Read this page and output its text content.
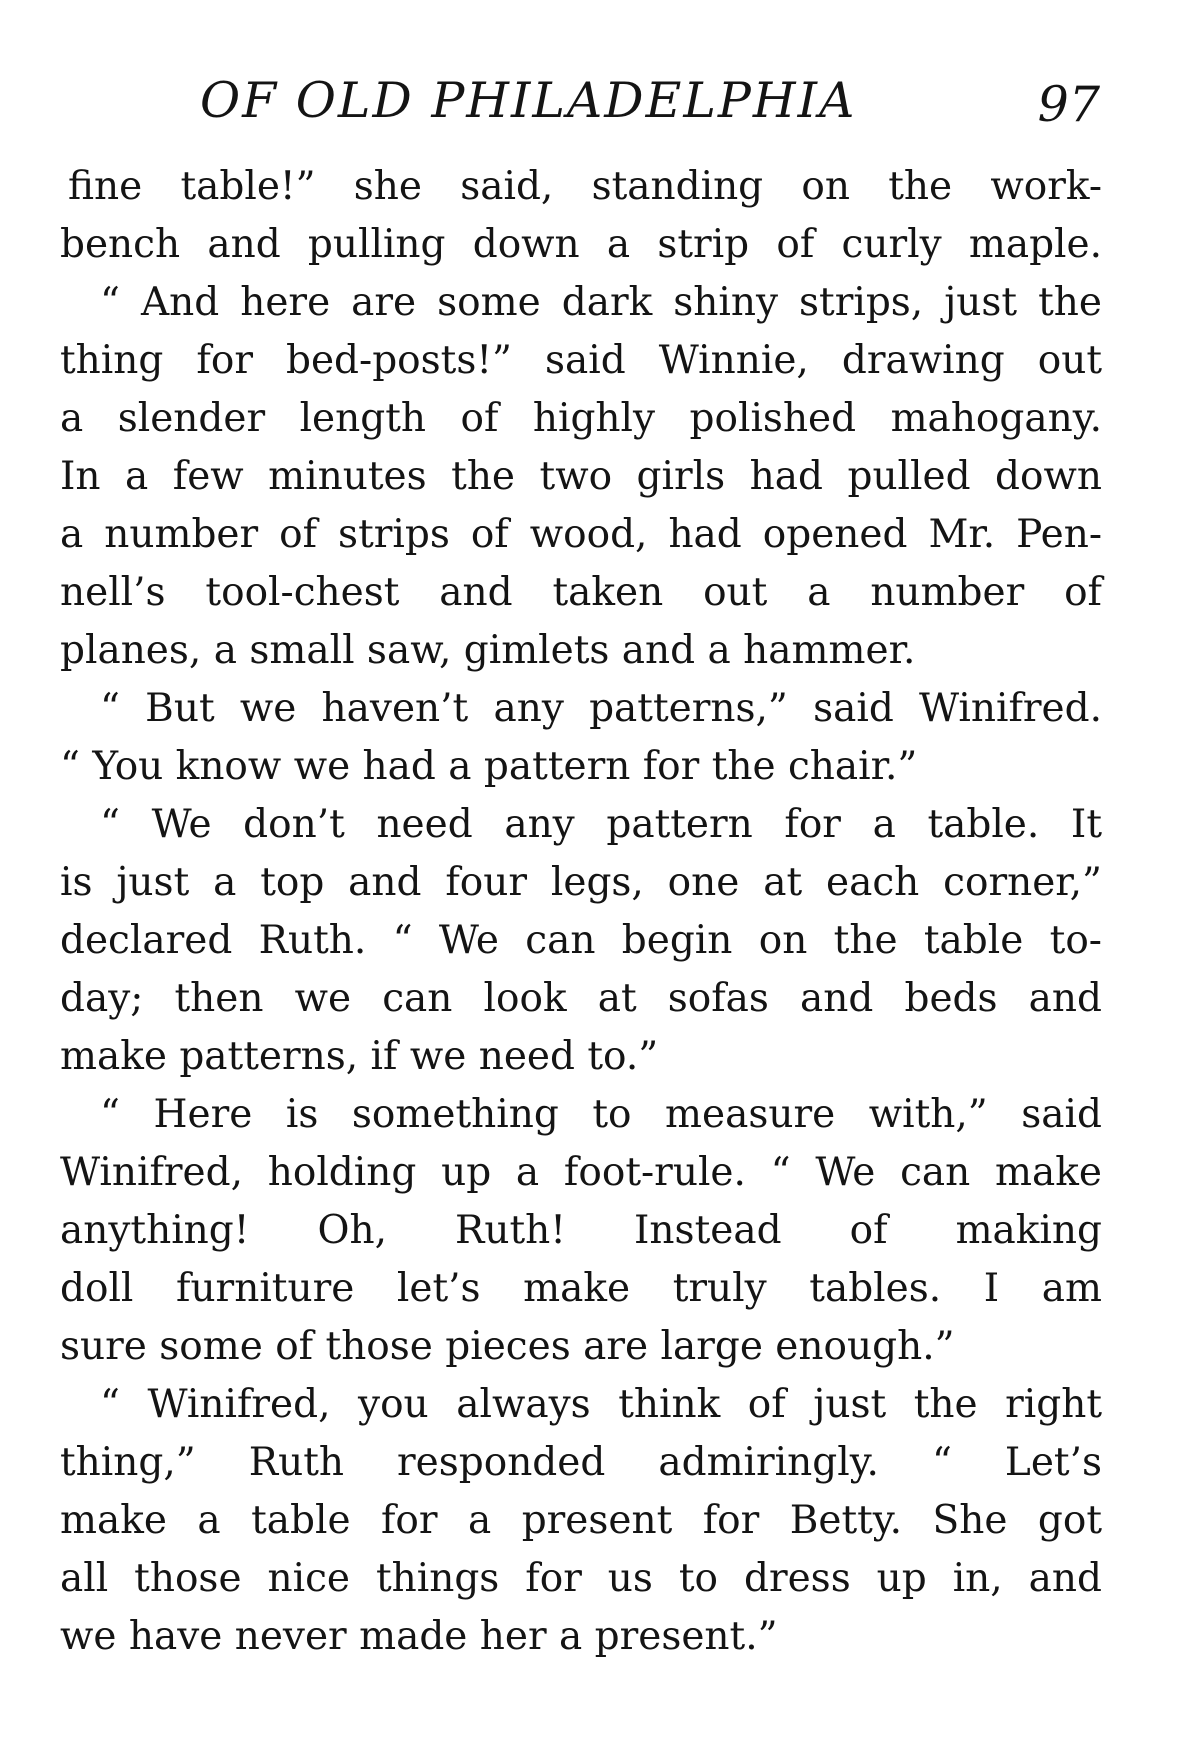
OF OLD PHILADELPHIA	97
fine table!” she said, standing on the work-
bench and pulling down a strip of curly maple.
“ And here are some dark shiny strips, just the
thing for bed-posts!” said Winnie, drawing out
a slender length of highly polished mahogany.
In a few minutes the two girls had pulled down
a number of strips of wood, had opened Mr. Pen-
nell’s tool-chest and taken out a number of
planes, a small saw, gimlets and a hammer.
“ But we haven’t any patterns,” said Winifred.
“ You know we had a pattern for the chair.”
“ We don’t need any pattern for a table. It
is just a top and four legs, one at each corner,”
declared Ruth. “ We can begin on the table to-
day; then we can look at sofas and beds and
make patterns, if we need to.”
“ Here is something to measure with,” said
Winifred, holding up a foot-rule. “ We can make
anything! Oh, Ruth! Instead of making
doll furniture let’s make truly tables. I am
sure some of those pieces are large enough.”
“ Winifred, you always think of just the right
thing,” Ruth responded admiringly. “ Let’s
make a table for a present for Betty. She got
all those nice things for us to dress up in, and
we have never made her a present.”
